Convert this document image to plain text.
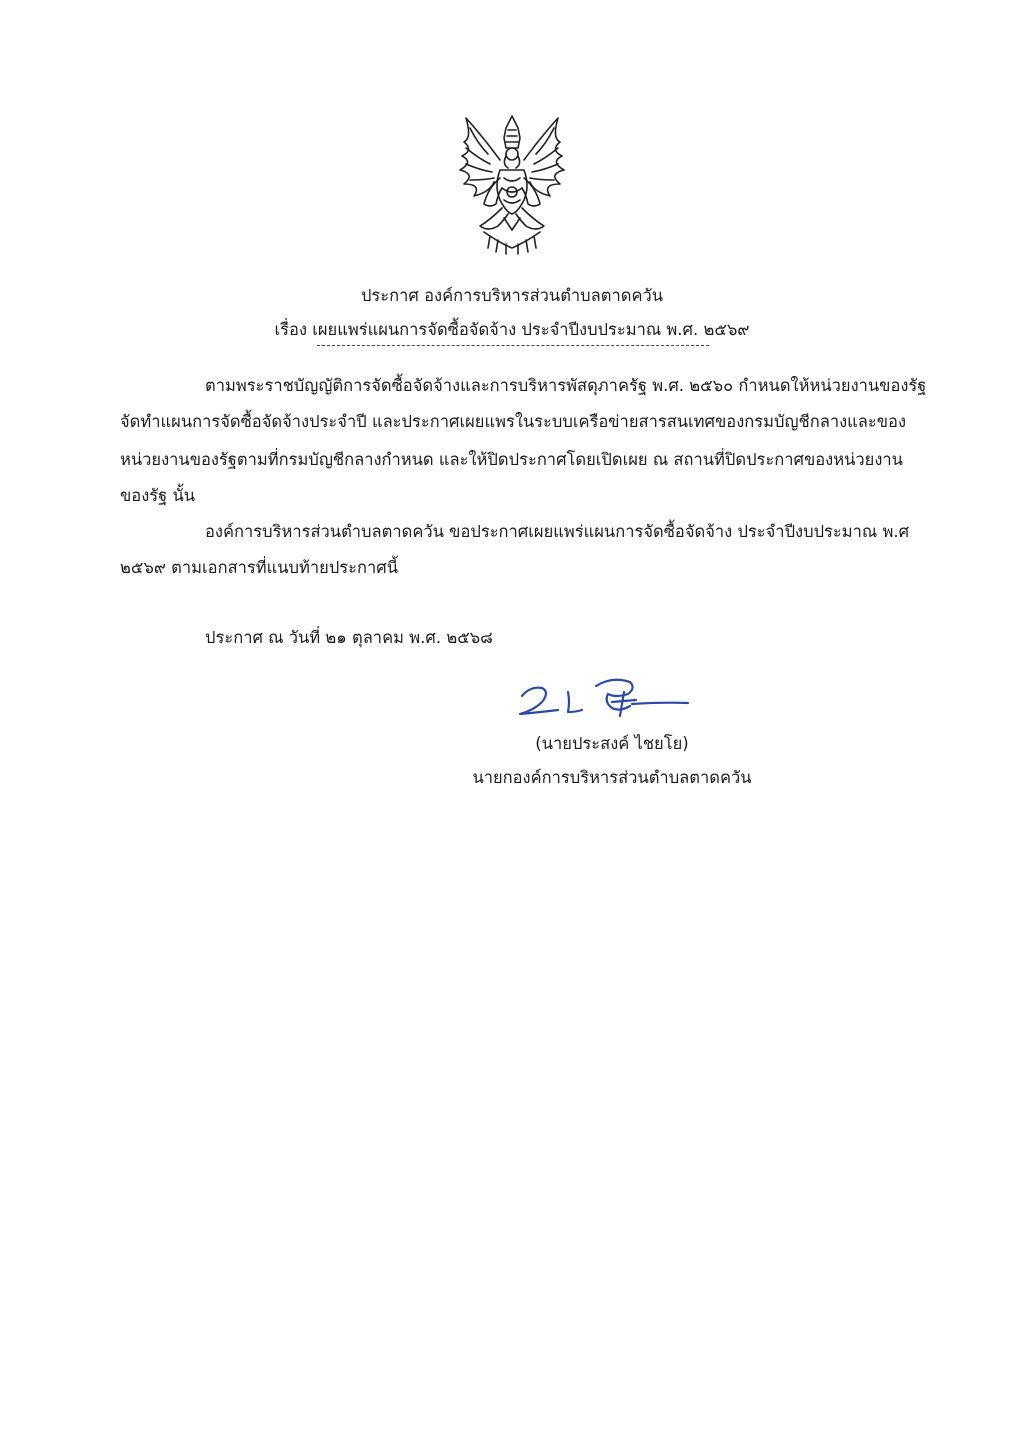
ประกาศ องค์การบริหารส่วนตำบลตาดควัน
เรื่อง เผยแพร่แผนการจัดซื้อจัดจ้าง ประจำปีงบประมาณ พ.ศ. ๒๕๖๙
ตามพระราชบัญญัติการจัดซื้อจัดจ้างและการบริหารพัสดุภาครัฐ พ.ศ. ๒๕๖๐ กำหนดให้หน่วยงานของรัฐ
จัดทำแผนการจัดซื้อจัดจ้างประจำปี และประกาศเผยแพรในระบบเครือข่ายสารสนเทศของกรมบัญชีกลางและของ
หน่วยงานของรัฐตามที่กรมบัญชีกลางกำหนด และให้ปิดประกาศโดยเปิดเผย ณ สถานที่ปิดประกาศของหน่วยงาน
ของรัฐ นั้น
องค์การบริหารส่วนตำบลตาดควัน ขอประกาศเผยแพร่แผนการจัดซื้อจัดจ้าง ประจำปีงบประมาณ พ.ศ
๒๕๖๙ ตามเอกสารที่แนบท้ายประกาศนี้
ประกาศ ณ วันที่ ๒๑ ตุลาคม พ.ศ. ๒๕๖๘
(นายประสงค์ ไชยโย)
นายกองค์การบริหารส่วนตำบลตาดควัน
